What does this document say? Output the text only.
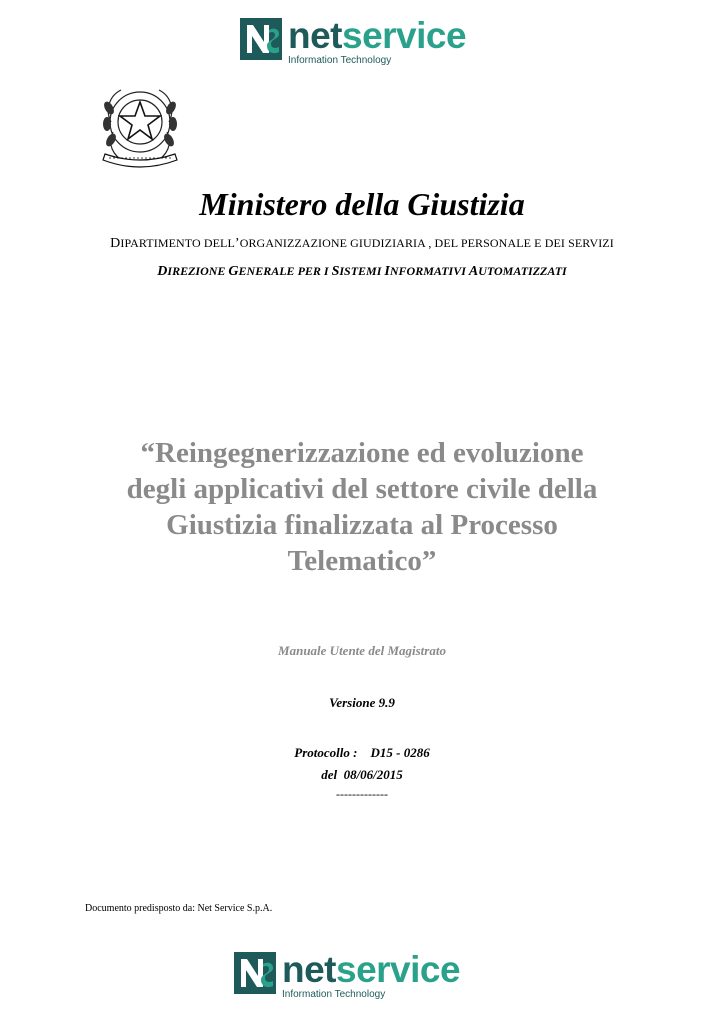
netservice
Information Technology
Ministero della Giustizia
DIPARTIMENTO DELL’ORGANIZZAZIONE GIUDIZIARIA , DEL PERSONALE E DEI SERVIZI
DIREZIONE GENERALE PER I SISTEMI INFORMATIVI AUTOMATIZZATI
“Reingegnerizzazione ed evoluzione
degli applicativi del settore civile della
Giustizia finalizzata al Processo
Telematico”
Manuale Utente del Magistrato
Versione 9.9
Protocollo :    D15 - 0286
del  08/06/2015
-------------
Documento predisposto da: Net Service S.p.A.
netservice
Information Technology
